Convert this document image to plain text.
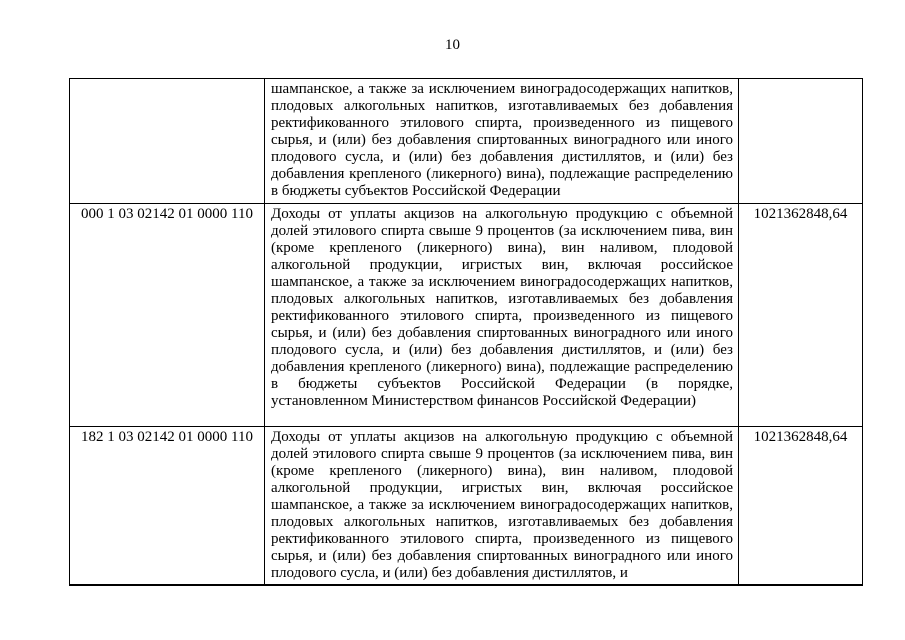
10
шампанское, а также за исключением виноградосодержащих напитков, плодовых алкогольных напитков, изготавливаемых без добавления ректификованного этилового спирта, произведенного из пищевого сырья, и (или) без добавления спиртованных виноградного или иного плодового сусла, и (или) без добавления дистиллятов, и (или) без добавления крепленого (ликерного) вина), подлежащие распределению в бюджеты субъектов Российской Федерации
000 1 03 02142 01 0000 110	Доходы от уплаты акцизов на алкогольную продукцию с объемной долей этилового спирта свыше 9 процентов (за исключением пива, вин (кроме крепленого (ликерного) вина), вин наливом, плодовой алкогольной продукции, игристых вин, включая российское шампанское, а также за исключением виноградосодержащих напитков, плодовых алкогольных напитков, изготавливаемых без добавления ректификованного этилового спирта, произведенного из пищевого сырья, и (или) без добавления спиртованных виноградного или иного плодового сусла, и (или) без добавления дистиллятов, и (или) без добавления крепленого (ликерного) вина), подлежащие распределению в бюджеты субъектов Российской Федерации (в порядке, установленном Министерством финансов Российской Федерации)
1021362848,64
182 1 03 02142 01 0000 110	Доходы от уплаты акцизов на алкогольную продукцию с объемной долей этилового спирта свыше 9 процентов (за исключением пива, вин (кроме крепленого (ликерного) вина), вин наливом, плодовой алкогольной продукции, игристых вин, включая российское шампанское, а также за исключением виноградосодержащих напитков, плодовых алкогольных напитков, изготавливаемых без добавления ректификованного этилового спирта, произведенного из пищевого сырья, и (или) без добавления спиртованных виноградного или иного плодового сусла, и (или) без добавления дистиллятов, и
1021362848,64
